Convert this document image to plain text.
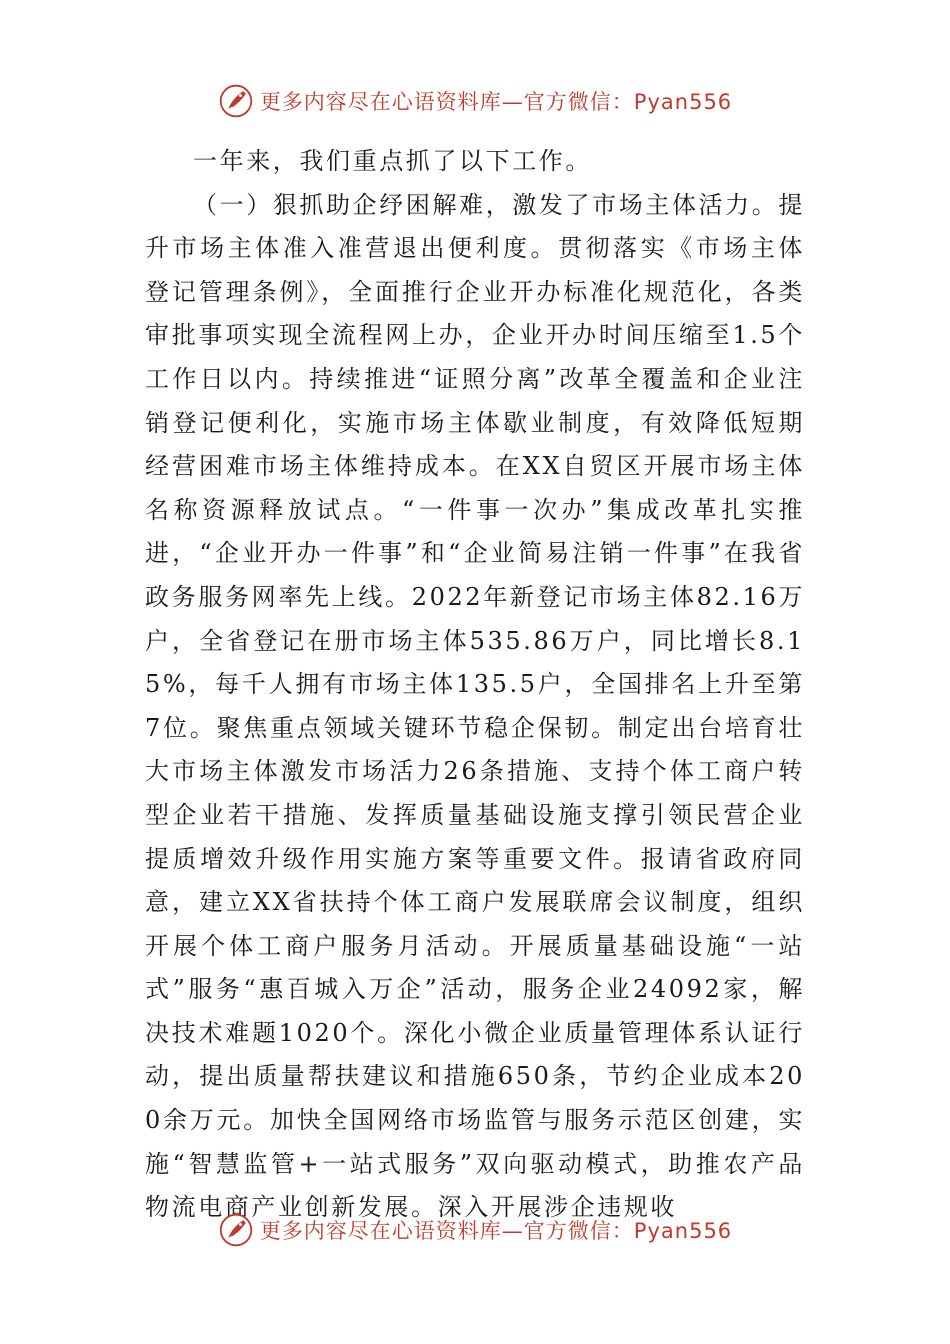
更多内容尽在心语资料库—官方微信：Pyan556

一年来，我们重点抓了以下工作。

（一）狠抓助企纾困解难，激发了市场主体活力。提升市场主体准入准营退出便利度。贯彻落实《市场主体登记管理条例》，全面推行企业开办标准化规范化，各类审批事项实现全流程网上办，企业开办时间压缩至1.5个工作日以内。持续推进“证照分离”改革全覆盖和企业注销登记便利化，实施市场主体歇业制度，有效降低短期经营困难市场主体维持成本。在XX自贸区开展市场主体名称资源释放试点。“一件事一次办”集成改革扎实推进，“企业开办一件事”和“企业简易注销一件事”在我省政务服务网率先上线。2022年新登记市场主体82.16万户，全省登记在册市场主体535.86万户，同比增长8.15%，每千人拥有市场主体135.5户，全国排名上升至第7位。聚焦重点领域关键环节稳企保韧。制定出台培育壮大市场主体激发市场活力26条措施、支持个体工商户转型企业若干措施、发挥质量基础设施支撑引领民营企业提质增效升级作用实施方案等重要文件。报请省政府同意，建立XX省扶持个体工商户发展联席会议制度，组织开展个体工商户服务月活动。开展质量基础设施“一站式”服务“惠百城入万企”活动，服务企业24092家，解决技术难题1020个。深化小微企业质量管理体系认证行动，提出质量帮扶建议和措施650条，节约企业成本200余万元。加快全国网络市场监管与服务示范区创建，实施“智慧监管+一站式服务”双向驱动模式，助推农产品物流电商产业创新发展。深入开展涉企违规收

更多内容尽在心语资料库—官方微信：Pyan556
